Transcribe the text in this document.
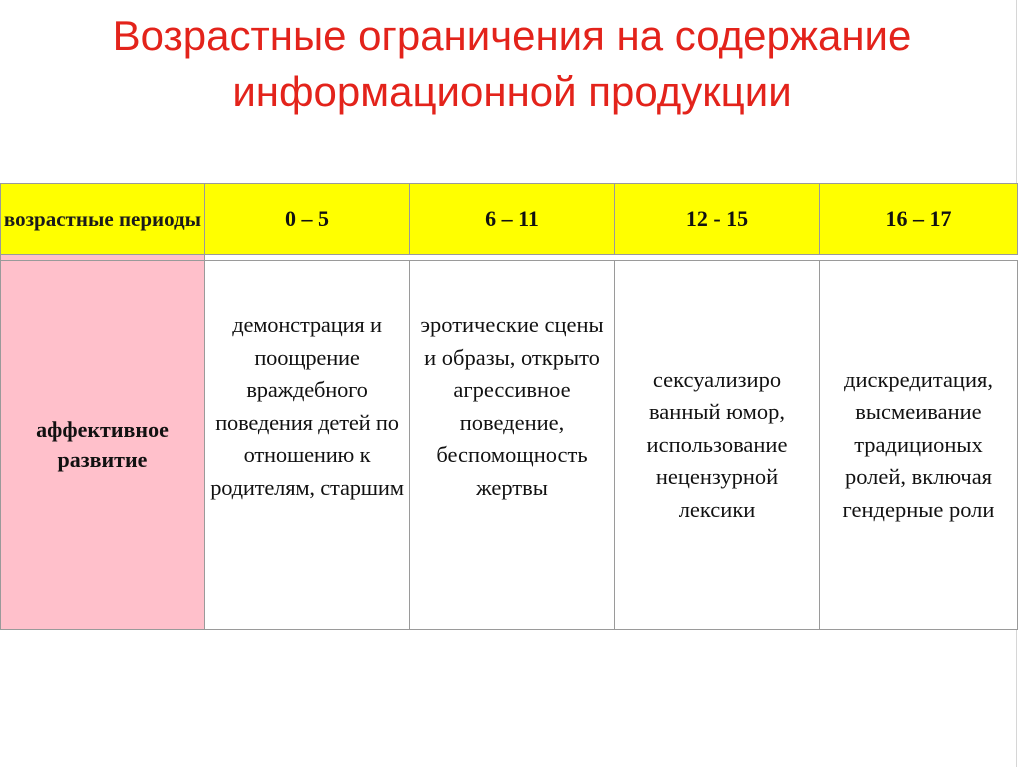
Возрастные ограничения на содержание
информационной продукции
возрастные периоды	0 – 5	6 – 11	12 - 15	16 – 17

аффективное развитие	демонстрация и поощрение враждебного поведения детей по отношению к родителям, старшим	эротические сцены и образы, открыто агрессивное поведение, беспомощность жертвы	сексуализиро ванный юмор, использование нецензурной лексики	дискредитация, высмеивание традиционых ролей, включая гендерные роли
